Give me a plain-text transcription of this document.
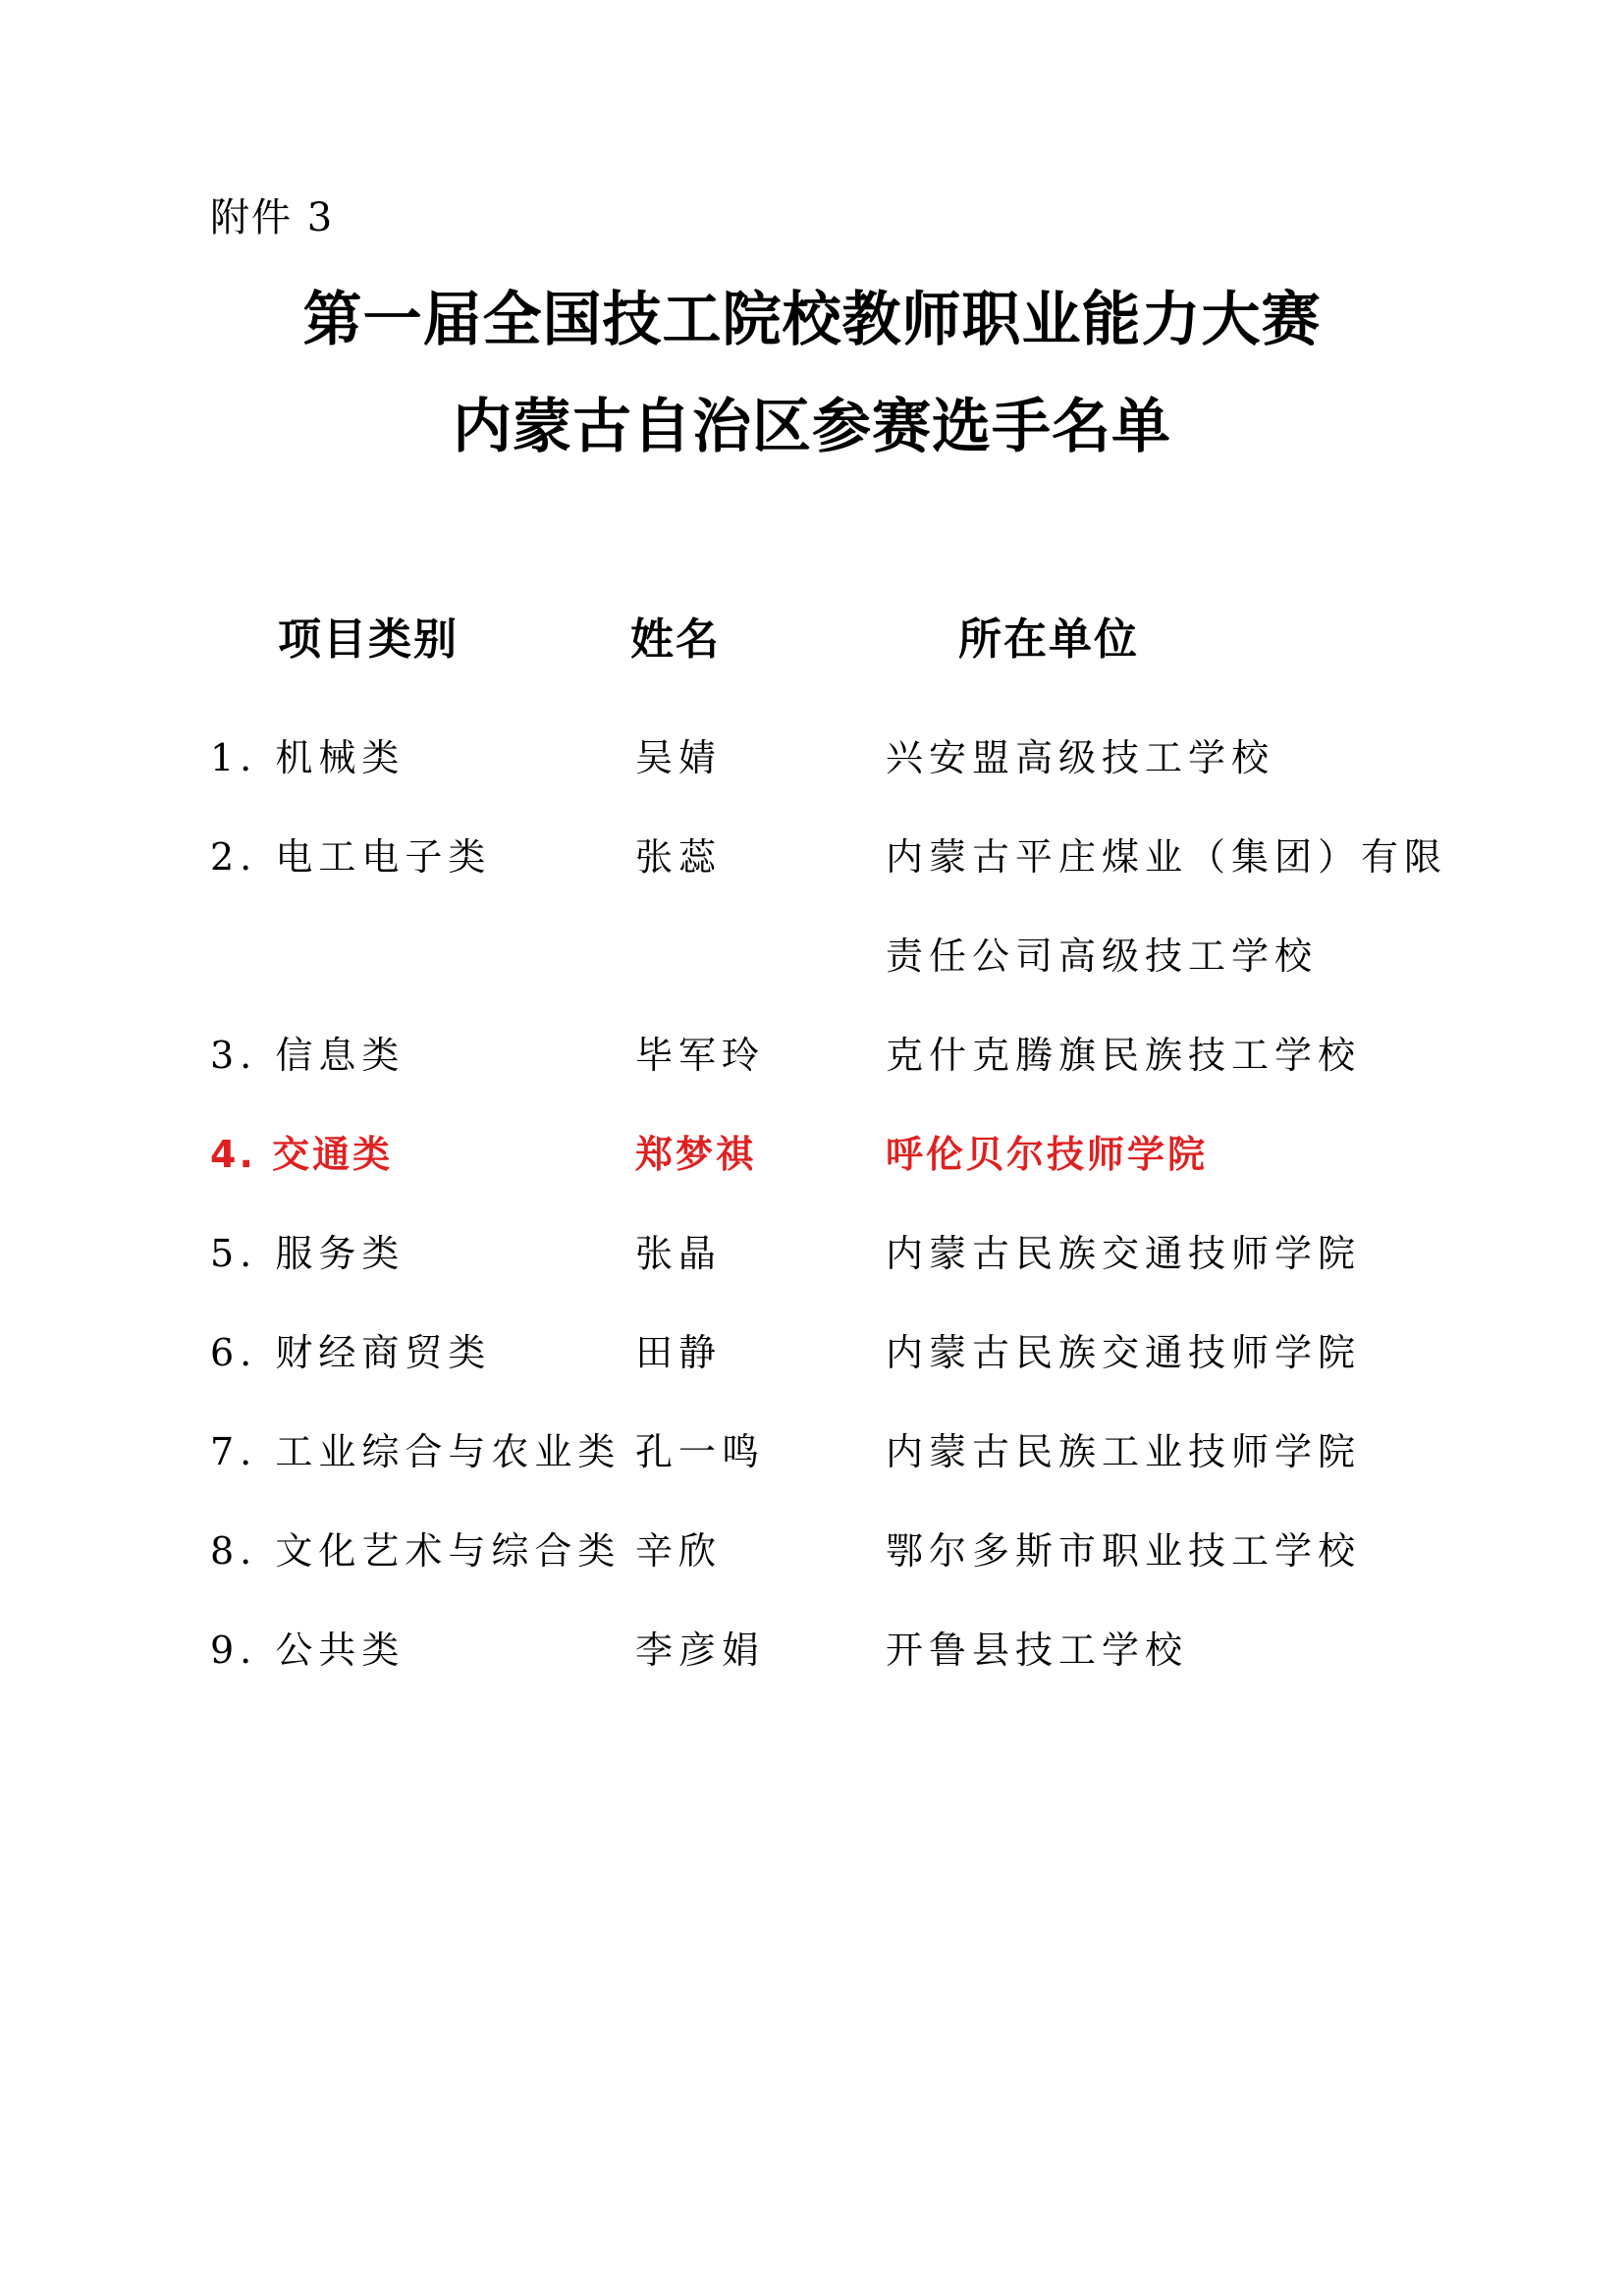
附件 3
第一届全国技工院校教师职业能力大赛
内蒙古自治区参赛选手名单
项目类别	姓名	所在单位
1. 机械类	吴婧	兴安盟高级技工学校
2. 电工电子类	张蕊	内蒙古平庄煤业（集团）有限
责任公司高级技工学校
3. 信息类	毕军玲	克什克腾旗民族技工学校
4. 交通类	郑梦祺	呼伦贝尔技师学院
5. 服务类	张晶	内蒙古民族交通技师学院
6. 财经商贸类	田静	内蒙古民族交通技师学院
7. 工业综合与农业类 孔一鸣	内蒙古民族工业技师学院
8. 文化艺术与综合类 辛欣	鄂尔多斯市职业技工学校
9. 公共类	李彦娟	开鲁县技工学校
